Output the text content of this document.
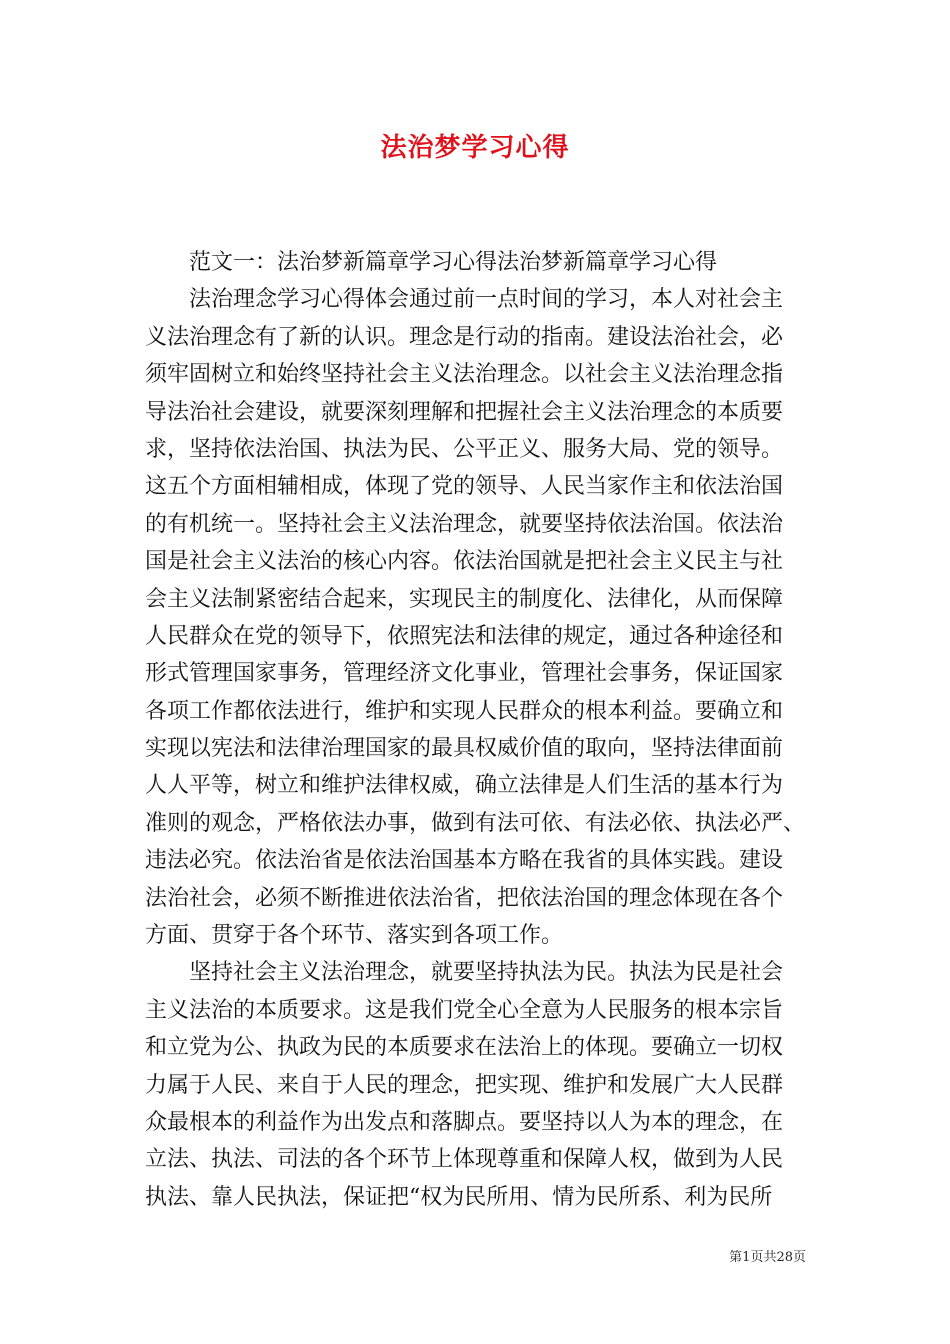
法治梦学习心得

范文一：法治梦新篇章学习心得法治梦新篇章学习心得

法治理念学习心得体会通过前一点时间的学习，本人对社会主

义法治理念有了新的认识。理念是行动的指南。建设法治社会，必

须牢固树立和始终坚持社会主义法治理念。以社会主义法治理念指

导法治社会建设，就要深刻理解和把握社会主义法治理念的本质要

求，坚持依法治国、执法为民、公平正义、服务大局、党的领导。

这五个方面相辅相成，体现了党的领导、人民当家作主和依法治国

的有机统一。坚持社会主义法治理念，就要坚持依法治国。依法治

国是社会主义法治的核心内容。依法治国就是把社会主义民主与社

会主义法制紧密结合起来，实现民主的制度化、法律化，从而保障

人民群众在党的领导下，依照宪法和法律的规定，通过各种途径和

形式管理国家事务，管理经济文化事业，管理社会事务，保证国家

各项工作都依法进行，维护和实现人民群众的根本利益。要确立和

实现以宪法和法律治理国家的最具权威价值的取向，坚持法律面前

人人平等，树立和维护法律权威，确立法律是人们生活的基本行为

准则的观念，严格依法办事，做到有法可依、有法必依、执法必严、

违法必究。依法治省是依法治国基本方略在我省的具体实践。建设

法治社会，必须不断推进依法治省，把依法治国的理念体现在各个

方面、贯穿于各个环节、落实到各项工作。

坚持社会主义法治理念，就要坚持执法为民。执法为民是社会

主义法治的本质要求。这是我们党全心全意为人民服务的根本宗旨

和立党为公、执政为民的本质要求在法治上的体现。要确立一切权

力属于人民、来自于人民的理念，把实现、维护和发展广大人民群

众最根本的利益作为出发点和落脚点。要坚持以人为本的理念，在

立法、执法、司法的各个环节上体现尊重和保障人权，做到为人民

执法、靠人民执法，保证把“权为民所用、情为民所系、利为民所

第1页共28页
